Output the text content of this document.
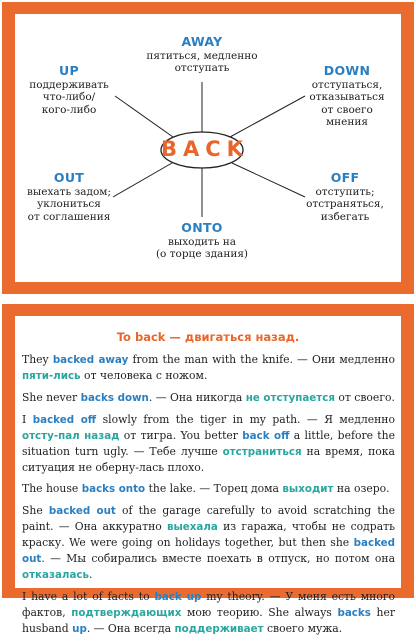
BACK
AWAY
пятиться, медленно
отступать
UP
поддерживать
что-либо/
кого-либо
DOWN
отступаться,
отказываться
от своего
мнения
OUT
выехать задом;
уклониться
от соглашения
OFF
отступить;
отстраняться,
избегать
ONTO
выходить на
(о торце здания)
To back — двигаться назад.

They backed away from the man with the knife. — Они медленно пяти-лись от человека с ножом.

She never backs down. — Она никогда не отступается от своего.

I backed off slowly from the tiger in my path. — Я медленно отсту-пал назад от тигра. You better back off a little, before the situation turn ugly. — Тебе лучше отстраниться на время, пока ситуация не оберну-лась плохо.

The house backs onto the lake. — Торец дома выходит на озеро.

She backed out of the garage carefully to avoid scratching the paint. — Она аккуратно выехала из гаража, чтобы не содрать краску. We were going on holidays together, but then she backed out. — Мы собирались вместе поехать в отпуск, но потом она отказалась.

I have a lot of facts to back up my theory. — У меня есть много фактов, подтверждающих мою теорию. She always backs her husband up. — Она всегда поддерживает своего мужа.
